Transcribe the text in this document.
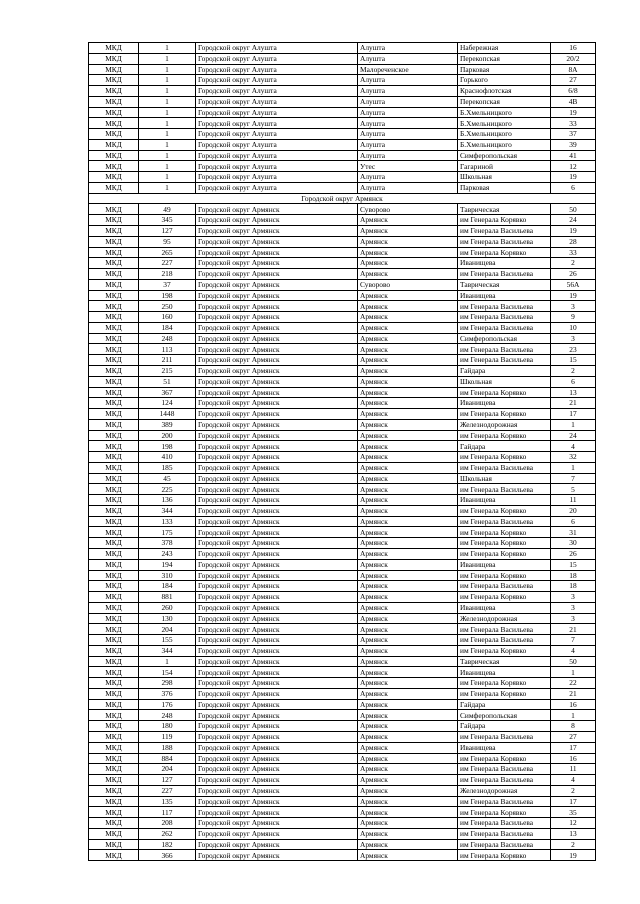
МКД	1	Городской округ Алушта	Алушта	Набережная	16
МКД	1	Городской округ Алушта	Алушта	Перекопская	20/2
МКД	1	Городской округ Алушта	Малореченское	Парковая	8А
МКД	1	Городской округ Алушта	Алушта	Горького	27
МКД	1	Городской округ Алушта	Алушта	Краснофлотская	6/8
МКД	1	Городской округ Алушта	Алушта	Перекопская	4В
МКД	1	Городской округ Алушта	Алушта	Б.Хмельницкого	19
МКД	1	Городской округ Алушта	Алушта	Б.Хмельницкого	33
МКД	1	Городской округ Алушта	Алушта	Б.Хмельницкого	37
МКД	1	Городской округ Алушта	Алушта	Б.Хмельницкого	39
МКД	1	Городской округ Алушта	Алушта	Симферопольская	41
МКД	1	Городской округ Алушта	Утес	Гагариной	12
МКД	1	Городской округ Алушта	Алушта	Школьная	19
МКД	1	Городской округ Алушта	Алушта	Парковая	6
Городской округ Армянск					
МКД	49	Городской округ Армянск	Суворово	Таврическая	50
МКД	345	Городской округ Армянск	Армянск	им Генерала Корявко	24
МКД	127	Городской округ Армянск	Армянск	им Генерала Васильева	19
МКД	95	Городской округ Армянск	Армянск	им Генерала Васильева	28
МКД	265	Городской округ Армянск	Армянск	им Генерала Корявко	33
МКД	227	Городской округ Армянск	Армянск	Иванищева	2
МКД	218	Городской округ Армянск	Армянск	им Генерала Васильева	26
МКД	37	Городской округ Армянск	Суворово	Таврическая	56А
МКД	198	Городской округ Армянск	Армянск	Иванищева	19
МКД	250	Городской округ Армянск	Армянск	им Генерала Васильева	3
МКД	160	Городской округ Армянск	Армянск	им Генерала Васильева	9
МКД	184	Городской округ Армянск	Армянск	им Генерала Васильева	10
МКД	248	Городской округ Армянск	Армянск	Симферопольская	3
МКД	113	Городской округ Армянск	Армянск	им Генерала Васильева	23
МКД	211	Городской округ Армянск	Армянск	им Генерала Васильева	15
МКД	215	Городской округ Армянск	Армянск	Гайдара	2
МКД	51	Городской округ Армянск	Армянск	Школьная	6
МКД	367	Городской округ Армянск	Армянск	им Генерала Корявко	13
МКД	124	Городской округ Армянск	Армянск	Иванищева	21
МКД	1448	Городской округ Армянск	Армянск	им Генерала Корявко	17
МКД	389	Городской округ Армянск	Армянск	Железнодорожная	1
МКД	200	Городской округ Армянск	Армянск	им Генерала Корявко	24
МКД	198	Городской округ Армянск	Армянск	Гайдара	4
МКД	410	Городской округ Армянск	Армянск	им Генерала Корявко	32
МКД	185	Городской округ Армянск	Армянск	им Генерала Васильева	1
МКД	45	Городской округ Армянск	Армянск	Школьная	7
МКД	225	Городской округ Армянск	Армянск	им Генерала Васильева	5
МКД	136	Городской округ Армянск	Армянск	Иванищева	11
МКД	344	Городской округ Армянск	Армянск	им Генерала Корявко	20
МКД	133	Городской округ Армянск	Армянск	им Генерала Васильева	6
МКД	175	Городской округ Армянск	Армянск	им Генерала Корявко	31
МКД	378	Городской округ Армянск	Армянск	им Генерала Корявко	30
МКД	243	Городской округ Армянск	Армянск	им Генерала Корявко	26
МКД	194	Городской округ Армянск	Армянск	Иванищева	15
МКД	310	Городской округ Армянск	Армянск	им Генерала Корявко	18
МКД	184	Городской округ Армянск	Армянск	им Генерала Васильева	18
МКД	881	Городской округ Армянск	Армянск	им Генерала Корявко	3
МКД	260	Городской округ Армянск	Армянск	Иванищева	3
МКД	130	Городской округ Армянск	Армянск	Железнодорожная	3
МКД	204	Городской округ Армянск	Армянск	им Генерала Васильева	21
МКД	155	Городской округ Армянск	Армянск	им Генерала Васильева	7
МКД	344	Городской округ Армянск	Армянск	им Генерала Корявко	4
МКД	1	Городской округ Армянск	Армянск	Таврическая	50
МКД	154	Городской округ Армянск	Армянск	Иванищева	1
МКД	298	Городской округ Армянск	Армянск	им Генерала Корявко	22
МКД	376	Городской округ Армянск	Армянск	им Генерала Корявко	21
МКД	176	Городской округ Армянск	Армянск	Гайдара	16
МКД	248	Городской округ Армянск	Армянск	Симферопольская	1
МКД	180	Городской округ Армянск	Армянск	Гайдара	8
МКД	119	Городской округ Армянск	Армянск	им Генерала Васильева	27
МКД	188	Городской округ Армянск	Армянск	Иванищева	17
МКД	884	Городской округ Армянск	Армянск	им Генерала Корявко	16
МКД	204	Городской округ Армянск	Армянск	им Генерала Васильева	11
МКД	127	Городской округ Армянск	Армянск	им Генерала Васильева	4
МКД	227	Городской округ Армянск	Армянск	Железнодорожная	2
МКД	135	Городской округ Армянск	Армянск	им Генерала Васильева	17
МКД	117	Городской округ Армянск	Армянск	им Генерала Корявко	35
МКД	208	Городской округ Армянск	Армянск	им Генерала Васильева	12
МКД	262	Городской округ Армянск	Армянск	им Генерала Васильева	13
МКД	182	Городской округ Армянск	Армянск	им Генерала Васильева	2
МКД	366	Городской округ Армянск	Армянск	им Генерала Корявко	19
